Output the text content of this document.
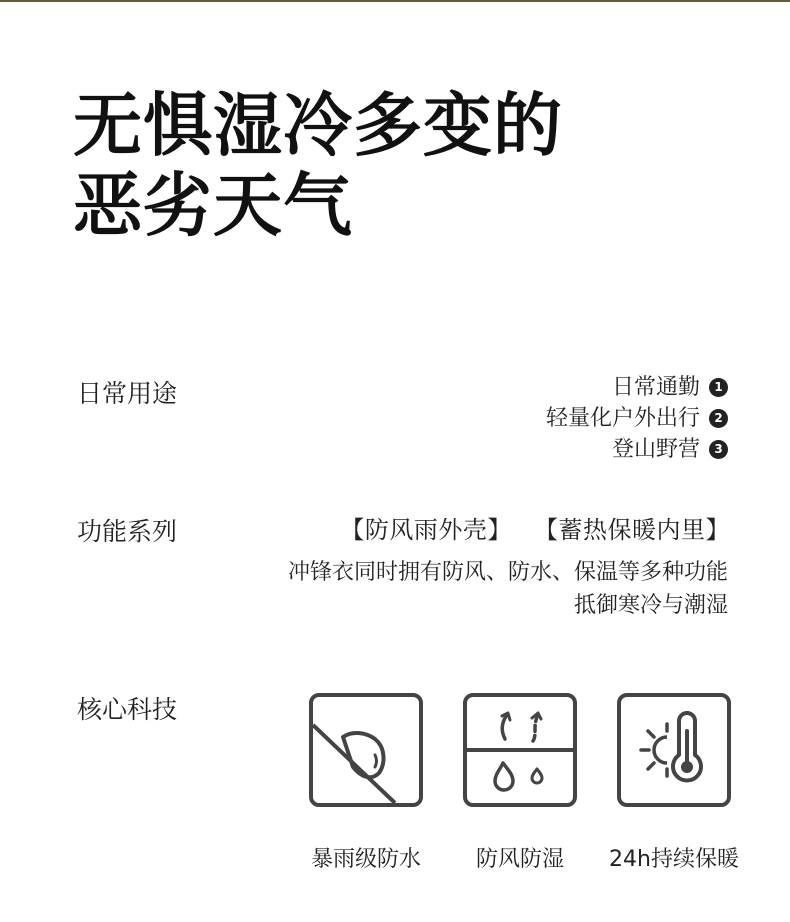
无惧湿冷多变的
恶劣天气
日常用途	日常通勤	1
轻量化户外出行	2
登山野营	3
功能系列	【防风雨外壳】 【蓄热保暖内里】
冲锋衣同时拥有防风、防水、保温等多种功能
抵御寒冷与潮湿
核心科技
暴雨级防水	防风防湿	24h持续保暖
